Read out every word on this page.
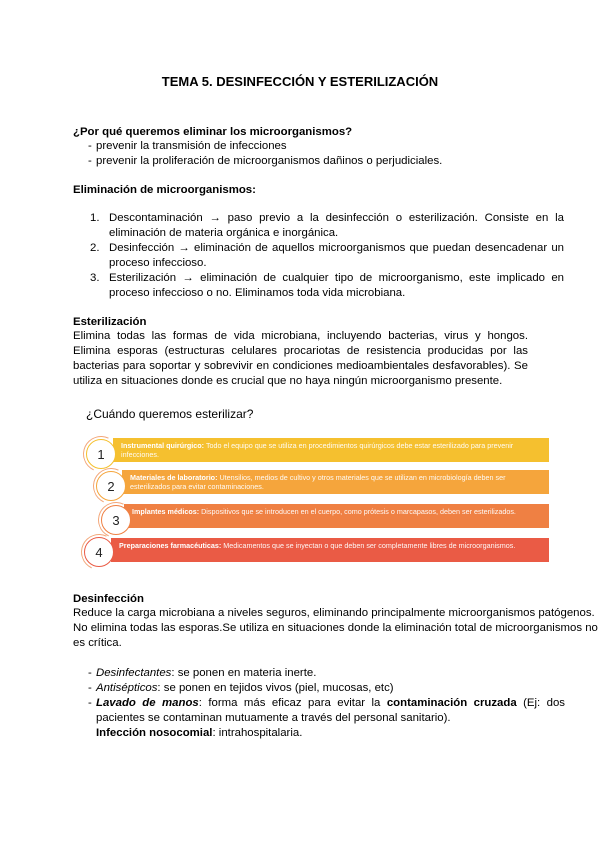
TEMA 5. DESINFECCIÓN Y ESTERILIZACIÓN
¿Por qué queremos eliminar los microorganismos?
- prevenir la transmisión de infecciones
- prevenir la proliferación de microorganismos dañinos o perjudiciales.
Eliminación de microorganismos:
1. Descontaminación → paso previo a la desinfección o esterilización. Consiste en la eliminación de materia orgánica e inorgánica.
2. Desinfección → eliminación de aquellos microorganismos que puedan desencadenar un proceso infeccioso.
3. Esterilización → eliminación de cualquier tipo de microorganismo, este implicado en proceso infeccioso o no. Eliminamos toda vida microbiana.
Esterilización
Elimina todas las formas de vida microbiana, incluyendo bacterias, virus y hongos. Elimina esporas (estructuras celulares procariotas de resistencia producidas por las bacterias para soportar y sobrevivir en condiciones medioambientales desfavorables). Se utiliza en situaciones donde es crucial que no haya ningún microorganismo presente.
¿Cuándo queremos esterilizar?
Instrumental quirúrgico: Todo el equipo que se utiliza en procedimientos quirúrgicos debe estar esterilizado para prevenir infecciones.
1
Materiales de laboratorio: Utensilios, medios de cultivo y otros materiales que se utilizan en microbiología deben ser esterilizados para evitar contaminaciones.
2
Implantes médicos: Dispositivos que se introducen en el cuerpo, como prótesis o marcapasos, deben ser esterilizados.
3
Preparaciones farmacéuticas: Medicamentos que se inyectan o que deben ser completamente libres de microorganismos.
4
Desinfección
Reduce la carga microbiana a niveles seguros, eliminando principalmente microorganismos patógenos. No elimina todas las esporas.Se utiliza en situaciones donde la eliminación total de microorganismos no es crítica.
- Desinfectantes: se ponen en materia inerte.
- Antisépticos: se ponen en tejidos vivos (piel, mucosas, etc)
- Lavado de manos: forma más eficaz para evitar la contaminación cruzada (Ej: dos pacientes se contaminan mutuamente a través del personal sanitario).
Infección nosocomial: intrahospitalaria.
